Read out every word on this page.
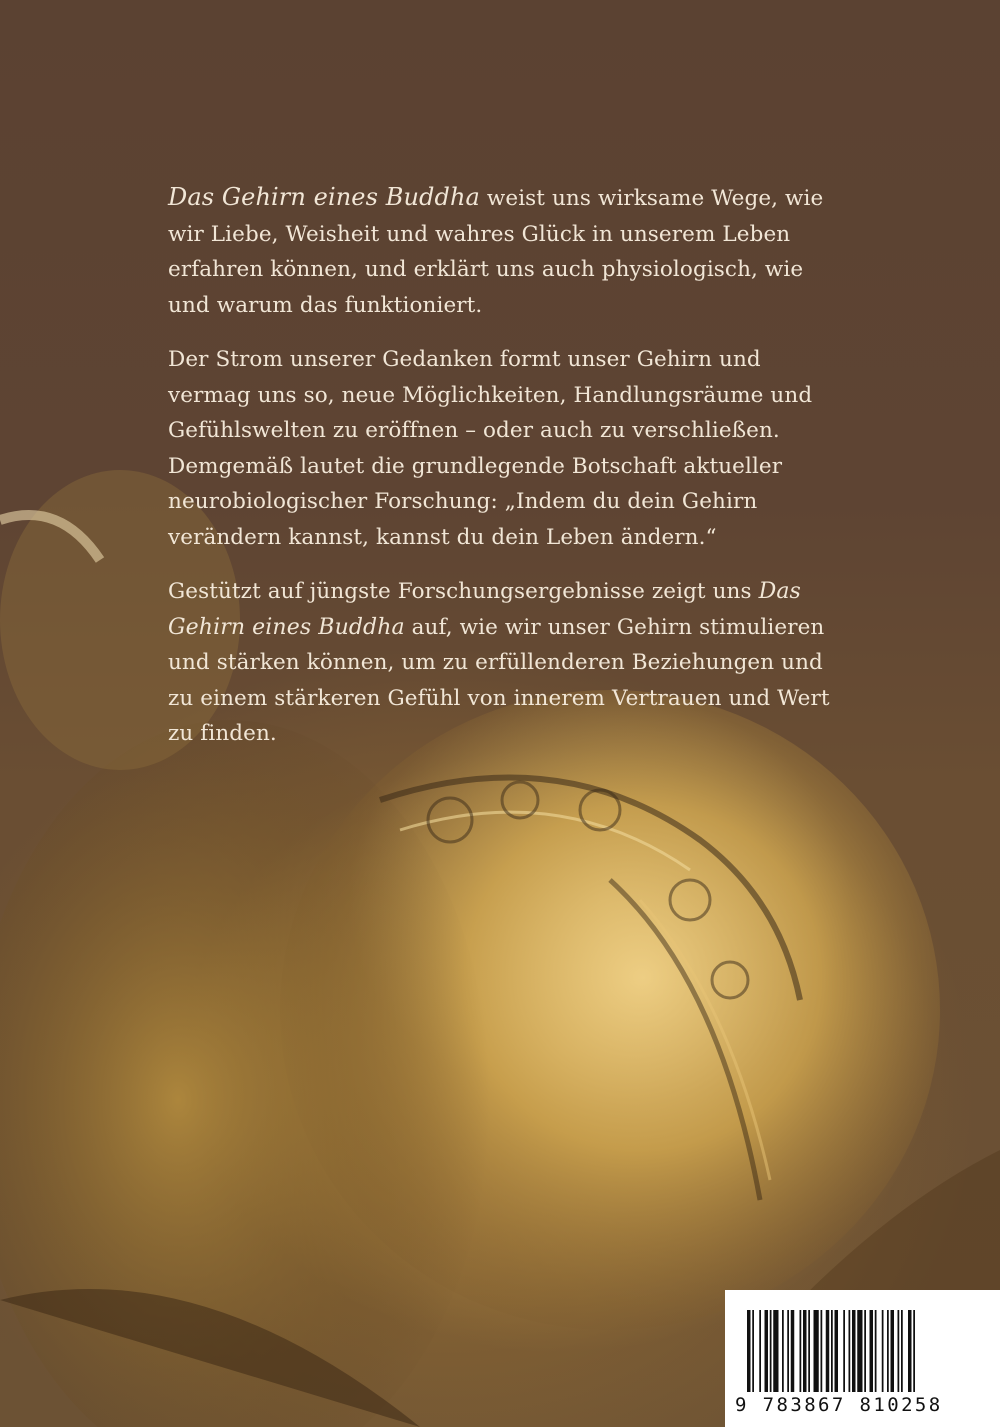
Das Gehirn eines Buddha weist uns wirksame Wege, wie wir Liebe, Weisheit und wahres Glück in unserem Leben erfahren können, und erklärt uns auch physiologisch, wie und warum das funktioniert.

Der Strom unserer Gedanken formt unser Gehirn und vermag uns so, neue Möglichkeiten, Handlungsräume und Gefühlswelten zu eröffnen – oder auch zu verschließen. Demgemäß lautet die grundlegende Botschaft aktueller neurobiologischer Forschung: „Indem du dein Gehirn verändern kannst, kannst du dein Leben ändern.“

Gestützt auf jüngste Forschungsergebnisse zeigt uns Das Gehirn eines Buddha auf, wie wir unser Gehirn stimulieren und stärken können, um zu erfüllenderen Beziehungen und zu einem stärkeren Gefühl von innerem Vertrauen und Wert zu finden.

9 783867 810258
